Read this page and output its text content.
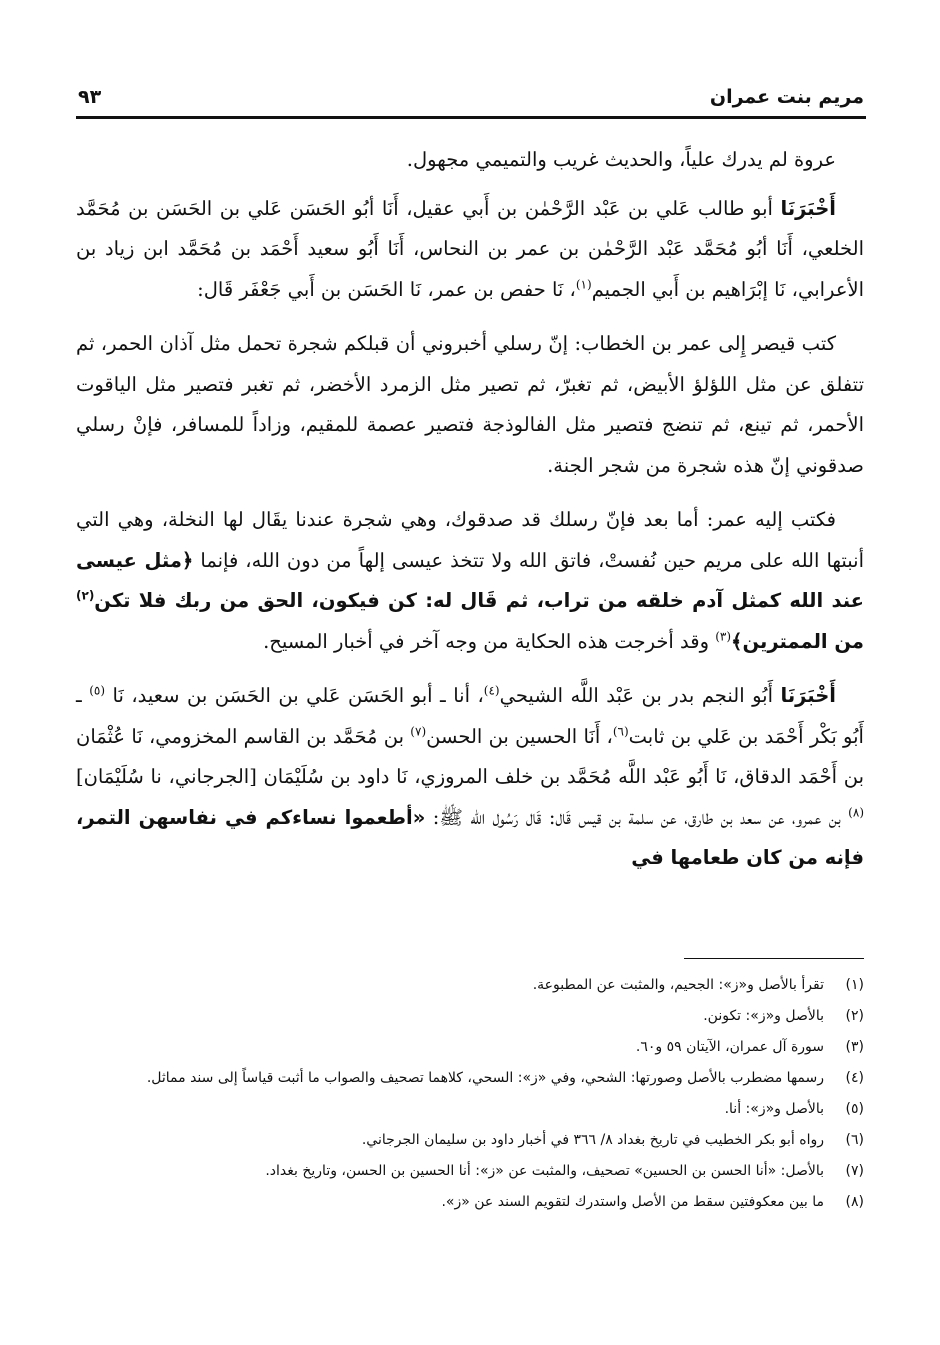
مريم بنت عمران
٩٣

عروة لم يدرك علياً، والحديث غريب والتميمي مجهول.

أَخْبَرَنَا أبو طالب عَلي بن عَبْد الرَّحْمٰن بن أَبي عقيل، أَنَا أبُو الحَسَن عَلي بن الحَسَن بن مُحَمَّد الخلعي، أَنَا أبُو مُحَمَّد عَبْد الرَّحْمٰن بن عمر بن النحاس، أَنَا أَبُو سعيد أَحْمَد بن مُحَمَّد ابن زياد بن الأعرابي، نَا إبْرَاهيم بن أَبي الجميم$^{(١)}$، نَا حفص بن عمر، نَا الحَسَن بن أَبي جَعْفَر قَال:

كتب قيصر إِلى عمر بن الخطاب: إنّ رسلي أخبروني أن قبلكم شجرة تحمل مثل آذان الحمر، ثم تتفلق عن مثل اللؤلؤ الأبيض، ثم تغبرّ، ثم تصير مثل الزمرد الأخضر، ثم تغبر فتصير مثل الياقوت الأحمر، ثم تينع، ثم تنضج فتصير مثل الفالوذجة فتصير عصمة للمقيم، وزاداً للمسافر، فإنْ رسلي صدقوني إنّ هذه شجرة من شجر الجنة.

فكتب إليه عمر: أما بعد فإنّ رسلك قد صدقوك، وهي شجرة عندنا يقَال لها النخلة، وهي التي أنبتها الله على مريم حين نُفستْ، فاتق الله ولا تتخذ عيسى إلهاً من دون الله، فإنما ﴿مثل عيسى عند الله كمثل آدم خلقه من تراب، ثم قَال له: كن فيكون، الحق من ربك فلا تكن$^{(٢)}$ من الممترين﴾$^{(٣)}$ وقد أخرجت هذه الحكاية من وجه آخر في أخبار المسيح.

أَخْبَرَنَا أَبُو النجم بدر بن عَبْد اللَّه الشيحي$^{(٤)}$، أنا ـ أبو الحَسَن عَلي بن الحَسَن بن سعيد، نَا $^{(٥)}$ ـ أَبُو بَكْر أَحْمَد بن عَلي بن ثابت$^{(٦)}$، أَنَا الحسين بن الحسن$^{(٧)}$ بن مُحَمَّد بن القاسم المخزومي، نَا عُثْمَان بن أَحْمَد الدقاق، نَا أَبُو عَبْد اللَّه مُحَمَّد بن خلف المروزي، نَا داود بن سُلَيْمَان [الجرجاني، نا سُلَيْمَان]$^{(٨)}$ بن عمرو، عن سعد بن طارق، عن سلمة بن قيس قَال: قَال رَسُول الله ﷺ: «أطعموا نساءكم في نفاسهن التمر، فإنه من كان طعامها في

(١)
تقرأ بالأصل و«ز»: الجحيم، والمثبت عن المطبوعة.
(٢)
بالأصل و«ز»: تكونن.
(٣)
سورة آل عمران، الآيتان ٥٩ و٦٠.
(٤)
رسمها مضطرب بالأصل وصورتها: الشحي، وفي «ز»: السحي، كلاهما تصحيف والصواب ما أثبت قياساً إلى سند مماثل.
(٥)
بالأصل و«ز»: أنا.
(٦)
رواه أبو بكر الخطيب في تاريخ بغداد ٨/ ٣٦٦ في أخبار داود بن سليمان الجرجاني.
(٧)
بالأصل: «أنا الحسن بن الحسين» تصحيف، والمثبت عن «ز»: أنا الحسين بن الحسن، وتاريخ بغداد.
(٨)
ما بين معكوفتين سقط من الأصل واستدرك لتقويم السند عن «ز».
